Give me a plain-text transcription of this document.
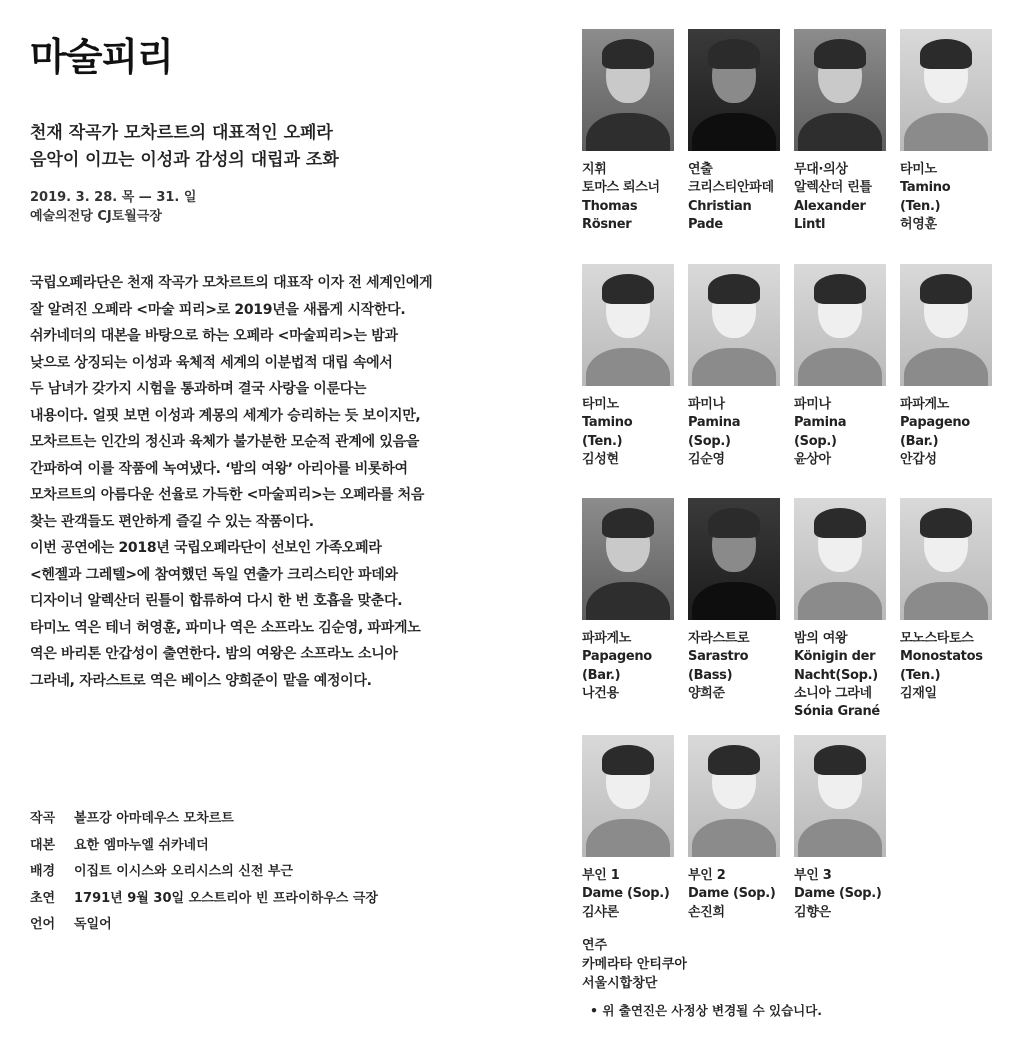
마술피리
천재 작곡가 모차르트의 대표적인 오페라
음악이 이끄는 이성과 감성의 대립과 조화
2019. 3. 28. 목 — 31. 일
예술의전당 CJ토월극장
국립오페라단은 천재 작곡가 모차르트의 대표작 이자 전 세계인에게
잘 알려진 오페라 <마술 피리>로 2019년을 새롭게 시작한다.
쉬카네더의 대본을 바탕으로 하는 오페라 <마술피리>는 밤과
낮으로 상징되는 이성과 육체적 세계의 이분법적 대립 속에서
두 남녀가 갖가지 시험을 통과하며 결국 사랑을 이룬다는
내용이다. 얼핏 보면 이성과 계몽의 세계가 승리하는 듯 보이지만,
모차르트는 인간의 정신과 육체가 불가분한 모순적 관계에 있음을
간파하여 이를 작품에 녹여냈다. ‘밤의 여왕’ 아리아를 비롯하여
모차르트의 아름다운 선율로 가득한 <마술피리>는 오페라를 처음
찾는 관객들도 편안하게 즐길 수 있는 작품이다.
이번 공연에는 2018년 국립오페라단이 선보인 가족오페라
<헨젤과 그레텔>에 참여했던 독일 연출가 크리스티안 파데와
디자이너 알렉산더 린틀이 합류하여 다시 한 번 호흡을 맞춘다.
타미노 역은 테너 허영훈, 파미나 역은 소프라노 김순영, 파파게노
역은 바리톤 안갑성이 출연한다. 밤의 여왕은 소프라노 소니아
그라네, 자라스트로 역은 베이스 양희준이 맡을 예정이다.
작곡 볼프강 아마데우스 모차르트
대본 요한 엠마누엘 쉬카네더
배경 이집트 이시스와 오리시스의 신전 부근
초연 1791년 9월 30일 오스트리아 빈 프라이하우스 극장
언어 독일어
지휘
토마스 뢰스너
Thomas
Rösner
연출
크리스티안파데
Christian
Pade
무대·의상
알렉산더 린틀
Alexander
Lintl
타미노
Tamino
(Ten.)
허영훈
타미노
Tamino
(Ten.)
김성현
파미나
Pamina
(Sop.)
김순영
파미나
Pamina
(Sop.)
윤상아
파파게노
Papageno
(Bar.)
안갑성
파파게노
Papageno
(Bar.)
나건용
자라스트로
Sarastro
(Bass)
양희준
밤의 여왕
Königin der
Nacht(Sop.)
소니아 그라네
Sónia Grané
모노스타토스
Monostatos
(Ten.)
김재일
부인 1
Dame (Sop.)
김샤론
부인 2
Dame (Sop.)
손진희
부인 3
Dame (Sop.)
김향은
연주
카메라타 안티쿠아
서울시합창단
• 위 출연진은 사정상 변경될 수 있습니다.
